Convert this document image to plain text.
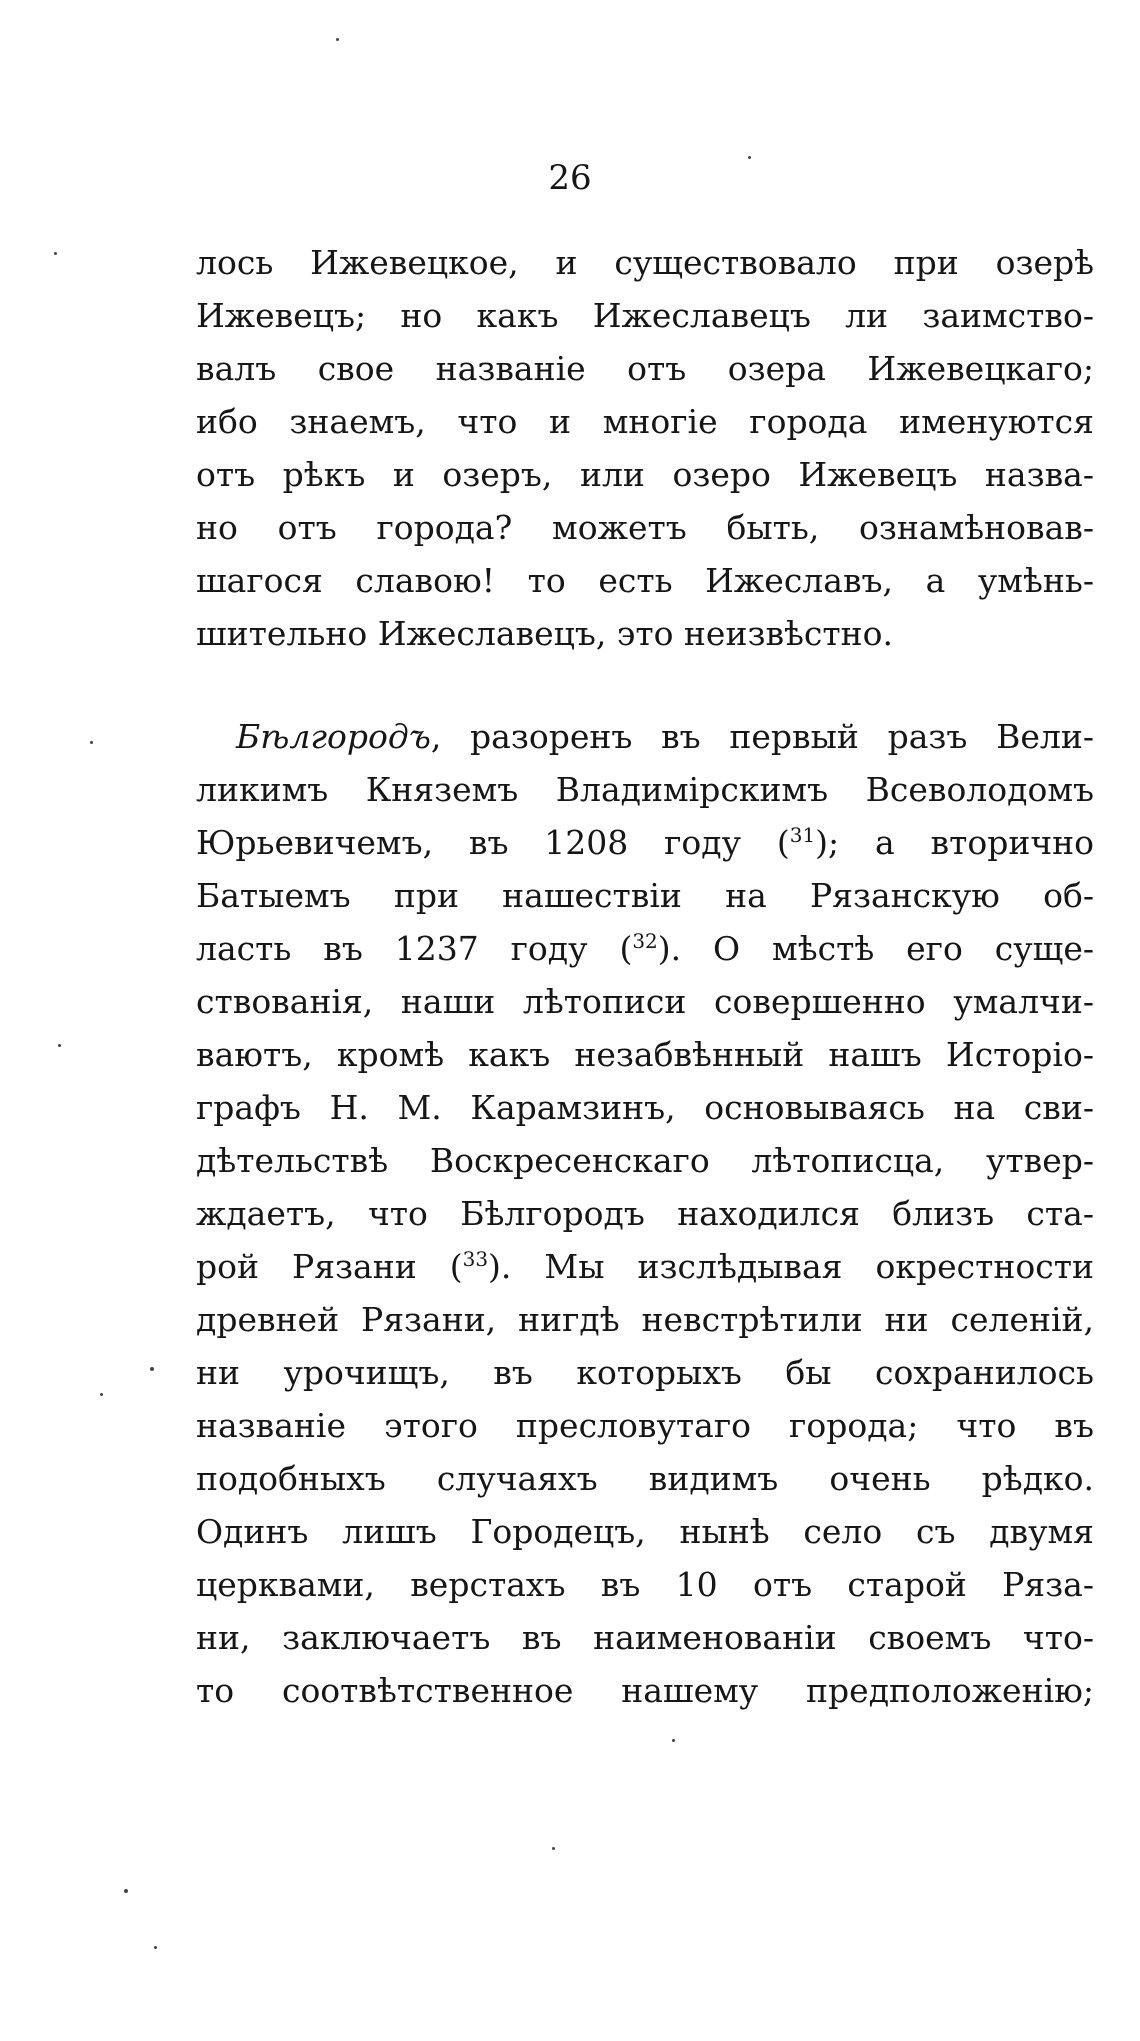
26
лось Ижевецкое, и существовало при озерѣ
Ижевецъ; но какъ Ижеславецъ ли заимство-
валъ свое названіе отъ озера Ижевецкаго;
ибо знаемъ, что и многіе города именуются
отъ рѣкъ и озеръ, или озеро Ижевецъ назва-
но отъ города? можетъ быть, ознамѣновав-
шагося славою! то есть Ижеславъ, а умѣнь-
шительно Ижеславецъ, это неизвѣстно.
Бѣлгородъ, разоренъ въ первый разъ Вели-
ликимъ Княземъ Владимірскимъ Всеволодомъ
Юрьевичемъ, въ 1208 году ($^{31}$); а вторично
Батыемъ при нашествіи на Рязанскую об-
ласть въ 1237 году ($^{32}$). О мѣстѣ его суще-
ствованія, наши лѣтописи совершенно умалчи-
ваютъ, кромѣ какъ незабвѣнный нашъ Исторіо-
графъ Н. М. Карамзинъ, основываясь на сви-
дѣтельствѣ Воскресенскаго лѣтописца, утвер-
ждаетъ, что Бѣлгородъ находился близъ ста-
рой Рязани ($^{33}$). Мы изслѣдывая окрестности
древней Рязани, нигдѣ невстрѣтили ни селеній,
ни урочищъ, въ которыхъ бы сохранилось
названіе этого пресловутаго города; что въ
подобныхъ случаяхъ видимъ очень рѣдко.
Одинъ лишъ Городецъ, нынѣ село съ двумя
церквами, верстахъ въ 10 отъ старой Ряза-
ни, заключаетъ въ наименованіи своемъ что-
то соотвѣтственное нашему предположенію;
